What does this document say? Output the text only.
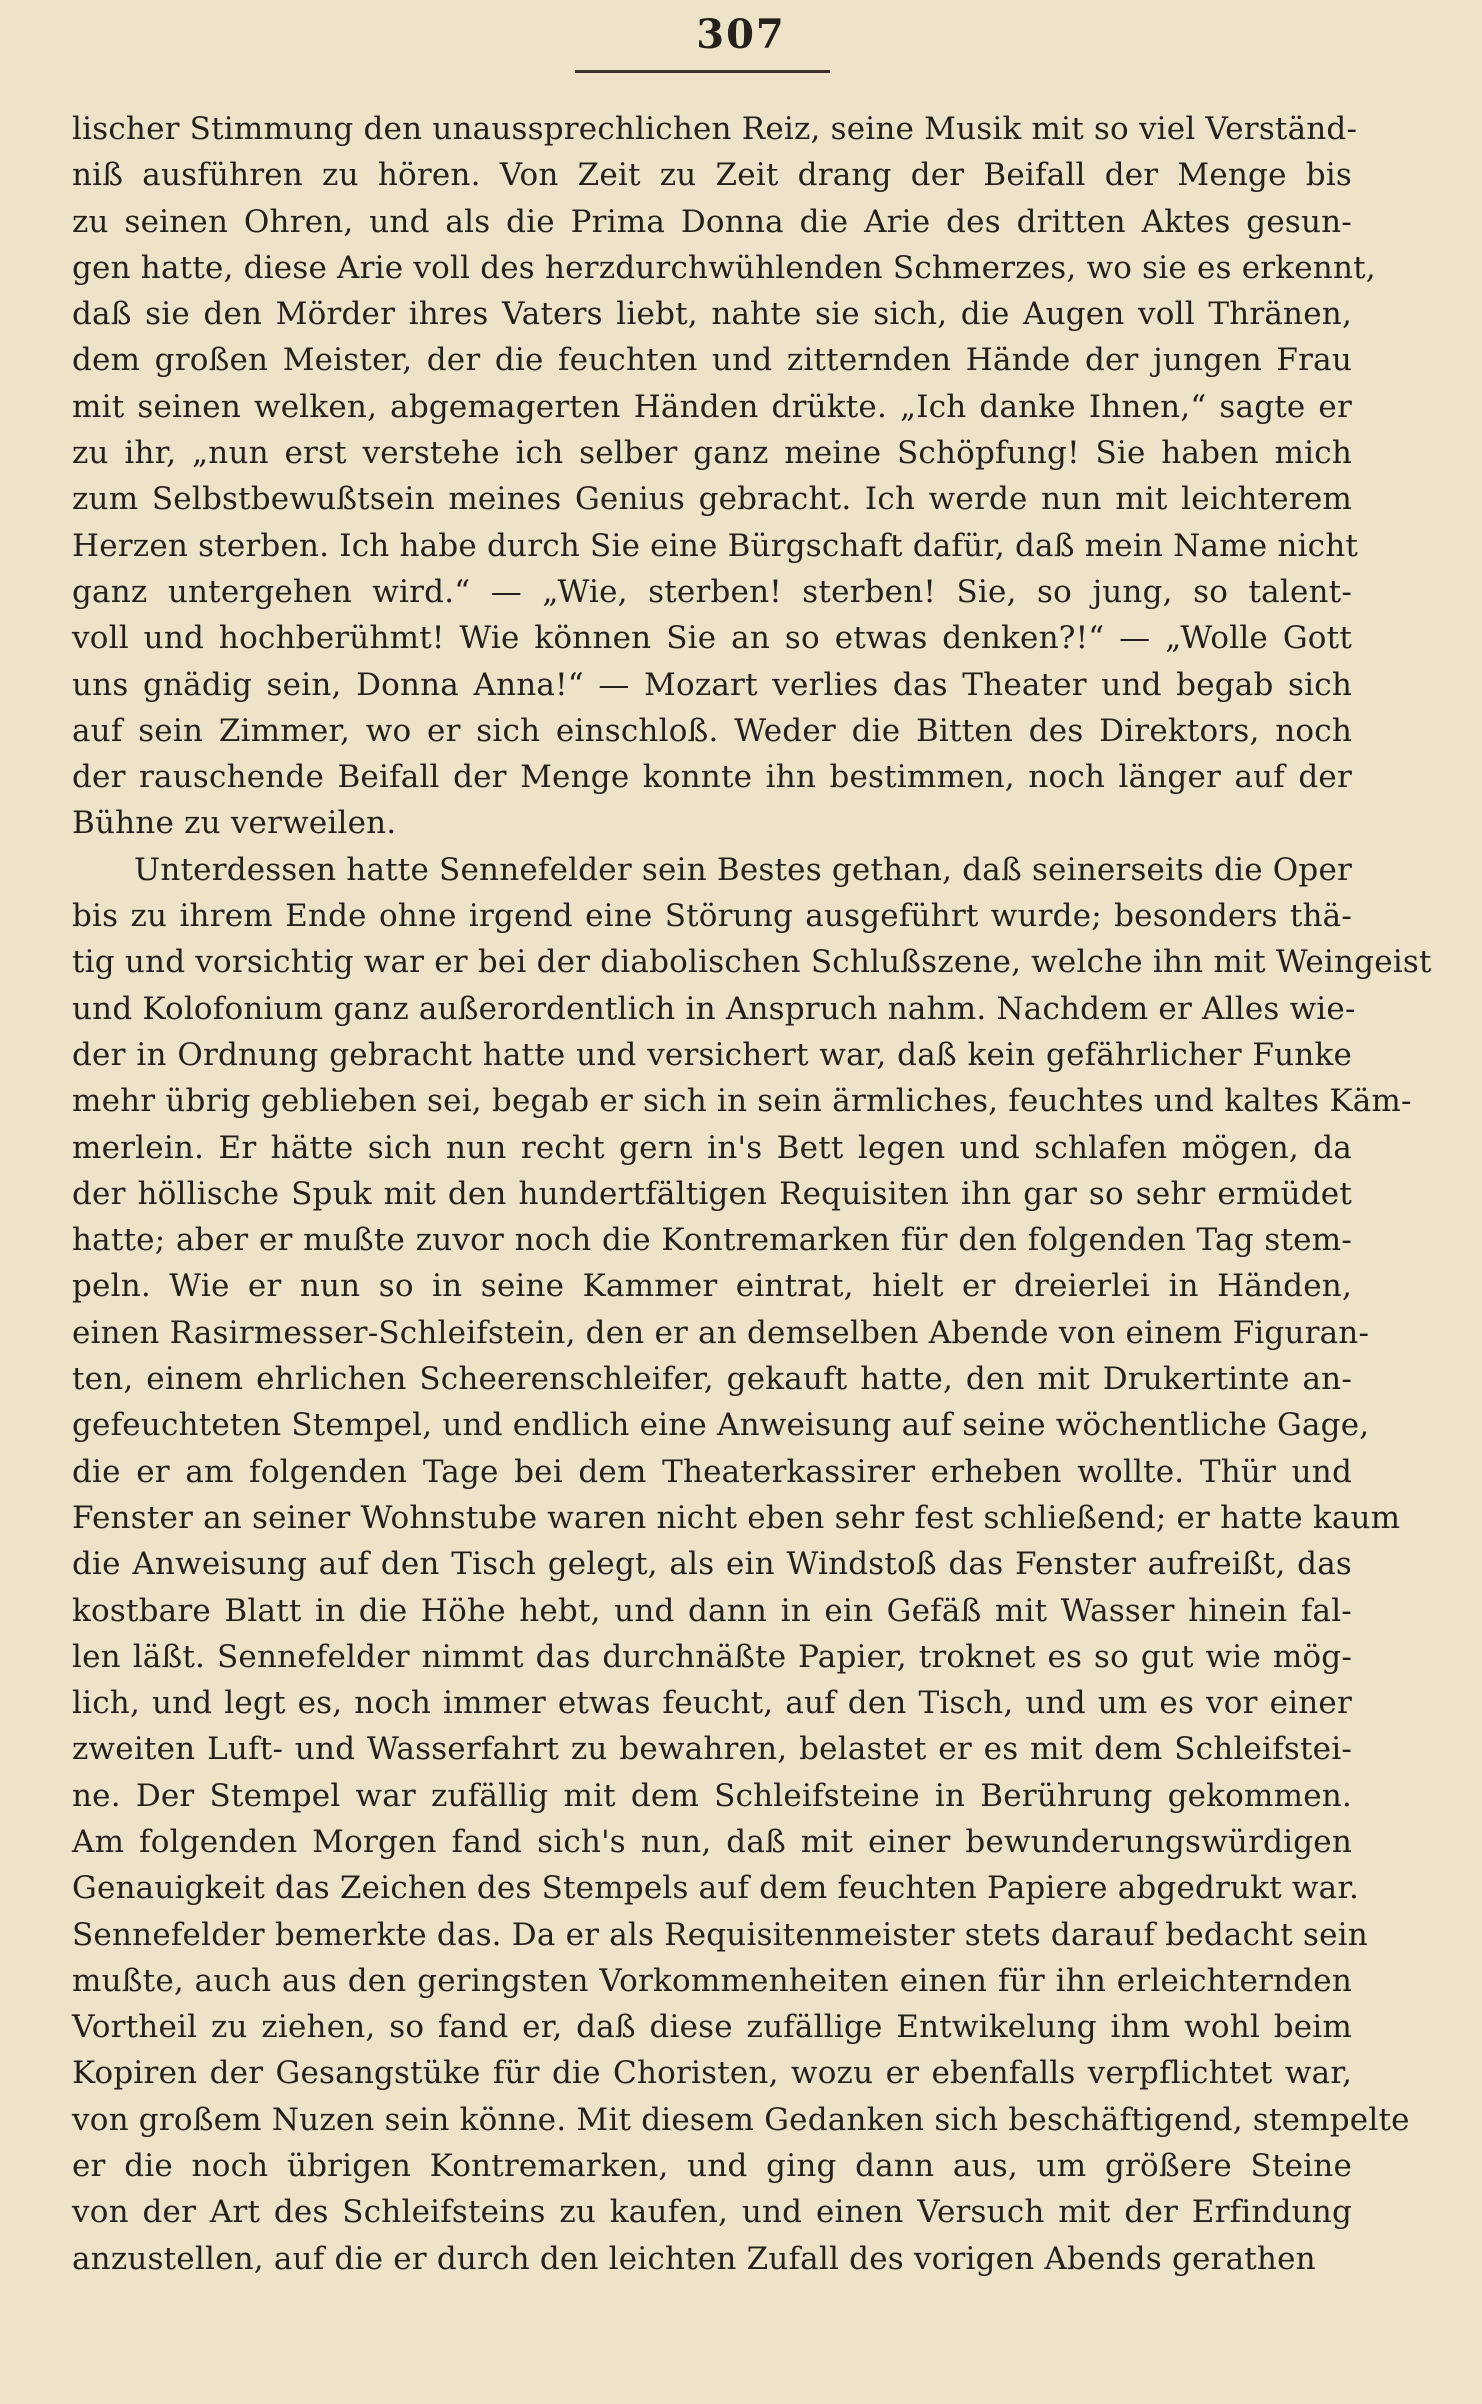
307
lischer Stimmung den unaussprechlichen Reiz, seine Musik mit so viel Verständ-
niß ausführen zu hören. Von Zeit zu Zeit drang der Beifall der Menge bis
zu seinen Ohren, und als die Prima Donna die Arie des dritten Aktes gesun-
gen hatte, diese Arie voll des herzdurchwühlenden Schmerzes, wo sie es erkennt,
daß sie den Mörder ihres Vaters liebt, nahte sie sich, die Augen voll Thränen,
dem großen Meister, der die feuchten und zitternden Hände der jungen Frau
mit seinen welken, abgemagerten Händen drükte. „Ich danke Ihnen,“ sagte er
zu ihr, „nun erst verstehe ich selber ganz meine Schöpfung! Sie haben mich
zum Selbstbewußtsein meines Genius gebracht. Ich werde nun mit leichterem
Herzen sterben. Ich habe durch Sie eine Bürgschaft dafür, daß mein Name nicht
ganz untergehen wird.“ — „Wie, sterben! sterben! Sie, so jung, so talent-
voll und hochberühmt! Wie können Sie an so etwas denken?!“ — „Wolle Gott
uns gnädig sein, Donna Anna!“ — Mozart verlies das Theater und begab sich
auf sein Zimmer, wo er sich einschloß. Weder die Bitten des Direktors, noch
der rauschende Beifall der Menge konnte ihn bestimmen, noch länger auf der
Bühne zu verweilen.
Unterdessen hatte Sennefelder sein Bestes gethan, daß seinerseits die Oper
bis zu ihrem Ende ohne irgend eine Störung ausgeführt wurde; besonders thä-
tig und vorsichtig war er bei der diabolischen Schlußszene, welche ihn mit Weingeist
und Kolofonium ganz außerordentlich in Anspruch nahm. Nachdem er Alles wie-
der in Ordnung gebracht hatte und versichert war, daß kein gefährlicher Funke
mehr übrig geblieben sei, begab er sich in sein ärmliches, feuchtes und kaltes Käm-
merlein. Er hätte sich nun recht gern in's Bett legen und schlafen mögen, da
der höllische Spuk mit den hundertfältigen Requisiten ihn gar so sehr ermüdet
hatte; aber er mußte zuvor noch die Kontremarken für den folgenden Tag stem-
peln. Wie er nun so in seine Kammer eintrat, hielt er dreierlei in Händen,
einen Rasirmesser-Schleifstein, den er an demselben Abende von einem Figuran-
ten, einem ehrlichen Scheerenschleifer, gekauft hatte, den mit Drukertinte an-
gefeuchteten Stempel, und endlich eine Anweisung auf seine wöchentliche Gage,
die er am folgenden Tage bei dem Theaterkassirer erheben wollte. Thür und
Fenster an seiner Wohnstube waren nicht eben sehr fest schließend; er hatte kaum
die Anweisung auf den Tisch gelegt, als ein Windstoß das Fenster aufreißt, das
kostbare Blatt in die Höhe hebt, und dann in ein Gefäß mit Wasser hinein fal-
len läßt. Sennefelder nimmt das durchnäßte Papier, troknet es so gut wie mög-
lich, und legt es, noch immer etwas feucht, auf den Tisch, und um es vor einer
zweiten Luft- und Wasserfahrt zu bewahren, belastet er es mit dem Schleifstei-
ne. Der Stempel war zufällig mit dem Schleifsteine in Berührung gekommen.
Am folgenden Morgen fand sich's nun, daß mit einer bewunderungswürdigen
Genauigkeit das Zeichen des Stempels auf dem feuchten Papiere abgedrukt war.
Sennefelder bemerkte das. Da er als Requisitenmeister stets darauf bedacht sein
mußte, auch aus den geringsten Vorkommenheiten einen für ihn erleichternden
Vortheil zu ziehen, so fand er, daß diese zufällige Entwikelung ihm wohl beim
Kopiren der Gesangstüke für die Choristen, wozu er ebenfalls verpflichtet war,
von großem Nuzen sein könne. Mit diesem Gedanken sich beschäftigend, stempelte
er die noch übrigen Kontremarken, und ging dann aus, um größere Steine
von der Art des Schleifsteins zu kaufen, und einen Versuch mit der Erfindung
anzustellen, auf die er durch den leichten Zufall des vorigen Abends gerathen
